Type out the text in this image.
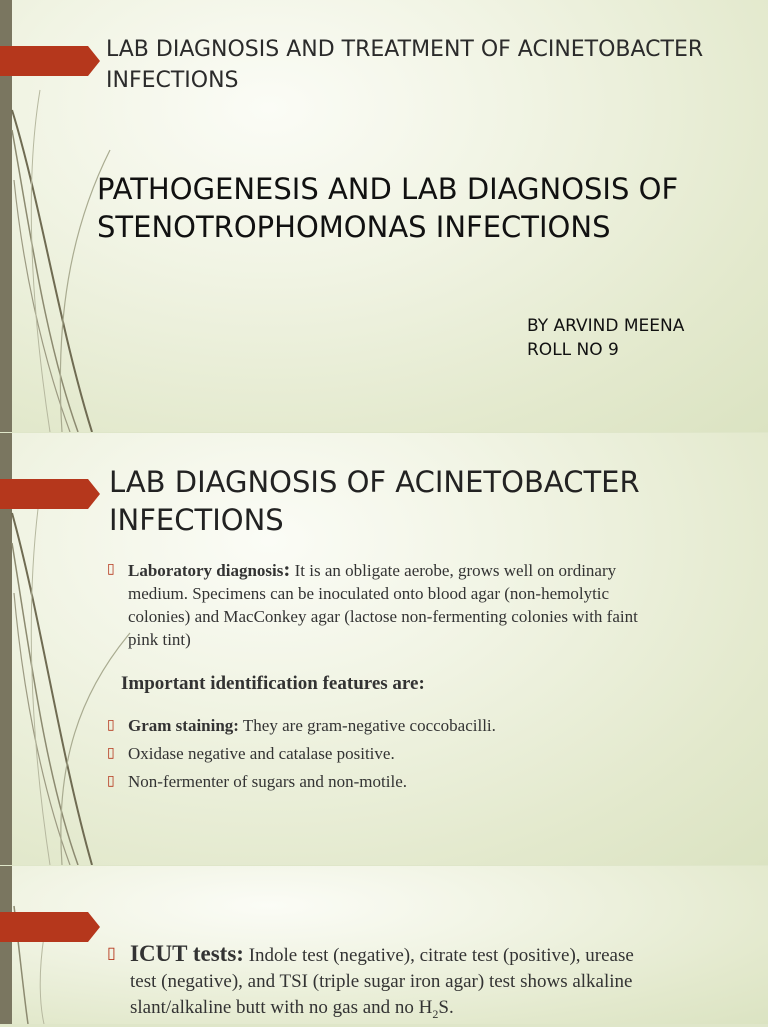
LAB DIAGNOSIS AND TREATMENT OF ACINETOBACTER INFECTIONS
PATHOGENESIS AND LAB DIAGNOSIS OF STENOTROPHOMONAS INFECTIONS
BY ARVIND MEENA
ROLL NO 9
LAB DIAGNOSIS OF ACINETOBACTER INFECTIONS
▯ Laboratory diagnosis: It is an obligate aerobe, grows well on ordinary medium. Specimens can be inoculated onto blood agar (non-hemolytic colonies) and MacConkey agar (lactose non-fermenting colonies with faint pink tint)
Important identification features are:
▯ Gram staining: They are gram-negative coccobacilli.
▯ Oxidase negative and catalase positive.
▯ Non-fermenter of sugars and non-motile.
▯ ICUT tests: Indole test (negative), citrate test (positive), urease test (negative), and TSI (triple sugar iron agar) test shows alkaline slant/alkaline butt with no gas and no $H_2S$.
